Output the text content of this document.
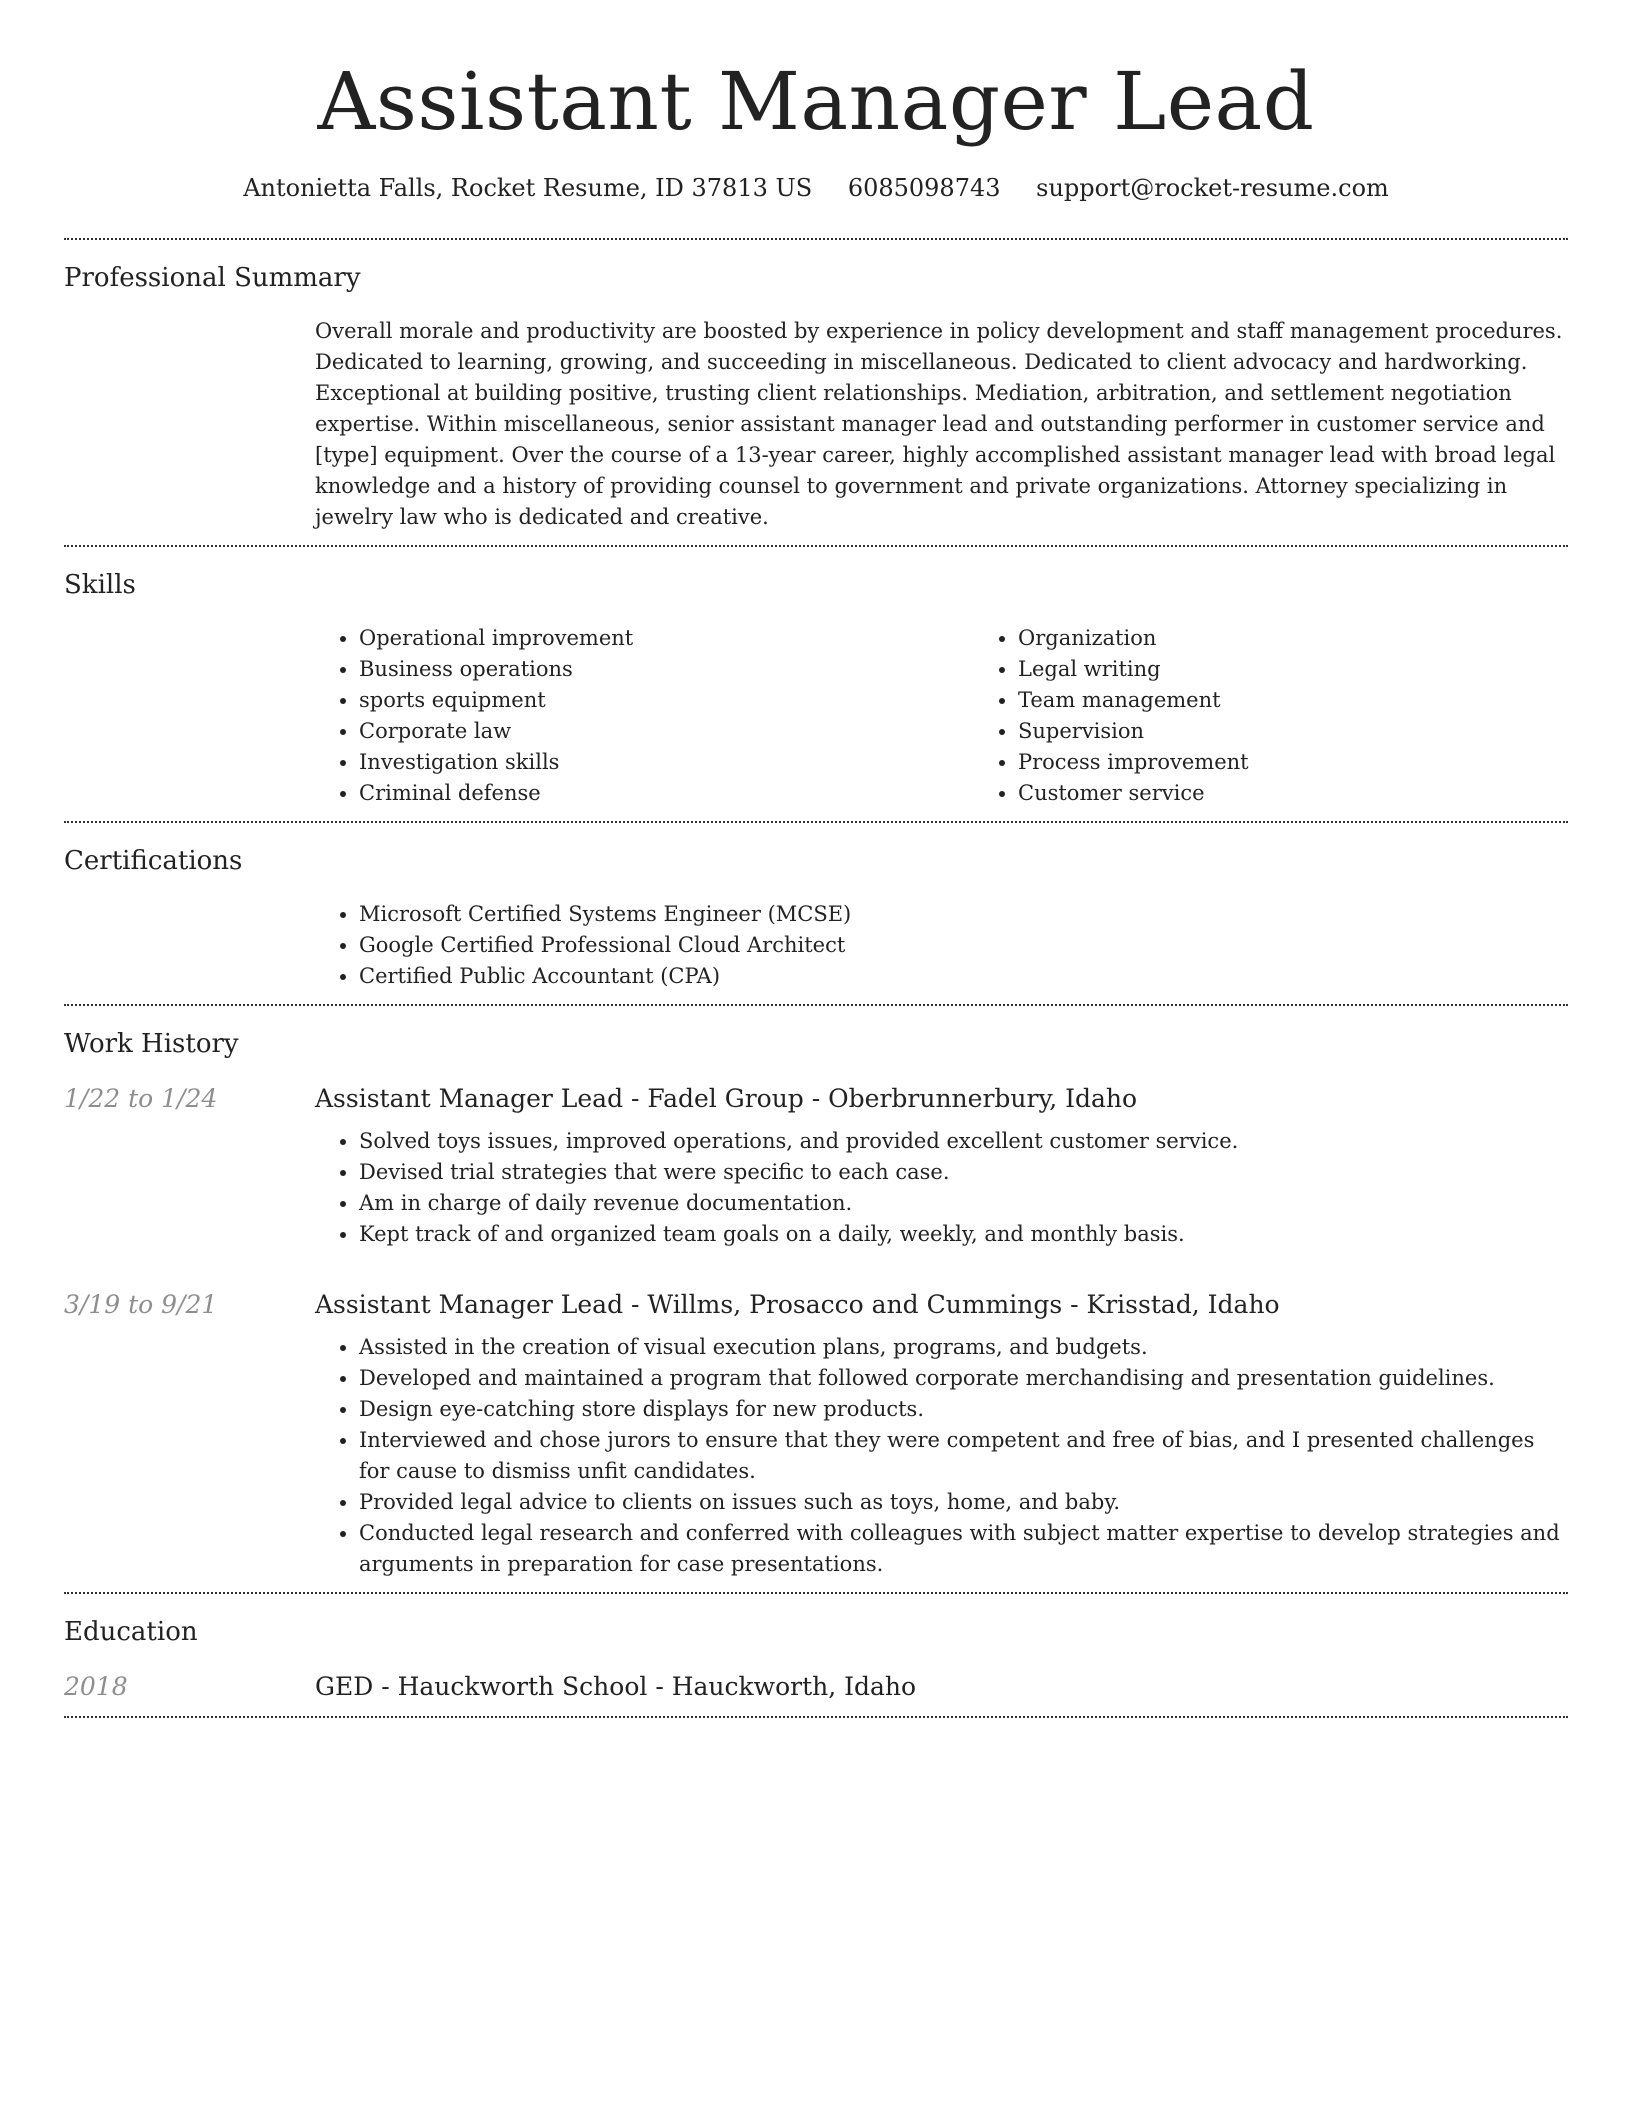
Assistant Manager Lead
Antonietta Falls, Rocket Resume, ID 37813 US 6085098743 support@rocket-resume.com
Professional Summary

Overall morale and productivity are boosted by experience in policy development and staff management procedures. Dedicated to learning, growing, and succeeding in miscellaneous. Dedicated to client advocacy and hardworking. Exceptional at building positive, trusting client relationships. Mediation, arbitration, and settlement negotiation expertise. Within miscellaneous, senior assistant manager lead and outstanding performer in customer service and [type] equipment. Over the course of a 13-year career, highly accomplished assistant manager lead with broad legal knowledge and a history of providing counsel to government and private organizations. Attorney specializing in jewelry law who is dedicated and creative.

Skills
• Operational improvement
• Business operations
• sports equipment
• Corporate law
• Investigation skills
• Criminal defense
• Organization
• Legal writing
• Team management
• Supervision
• Process improvement
• Customer service
Certifications
• Microsoft Certified Systems Engineer (MCSE)
• Google Certified Professional Cloud Architect
• Certified Public Accountant (CPA)
Work History
1/22 to 1/24	Assistant Manager Lead - Fadel Group - Oberbrunnerbury, Idaho
• Solved toys issues, improved operations, and provided excellent customer service.
• Devised trial strategies that were specific to each case.
• Am in charge of daily revenue documentation.
• Kept track of and organized team goals on a daily, weekly, and monthly basis.
3/19 to 9/21	Assistant Manager Lead - Willms, Prosacco and Cummings - Krisstad, Idaho
• Assisted in the creation of visual execution plans, programs, and budgets.
• Developed and maintained a program that followed corporate merchandising and presentation guidelines.
• Design eye-catching store displays for new products.
• Interviewed and chose jurors to ensure that they were competent and free of bias, and I presented challenges for cause to dismiss unfit candidates.
• Provided legal advice to clients on issues such as toys, home, and baby.
• Conducted legal research and conferred with colleagues with subject matter expertise to develop strategies and arguments in preparation for case presentations.
Education
2018	GED - Hauckworth School - Hauckworth, Idaho
